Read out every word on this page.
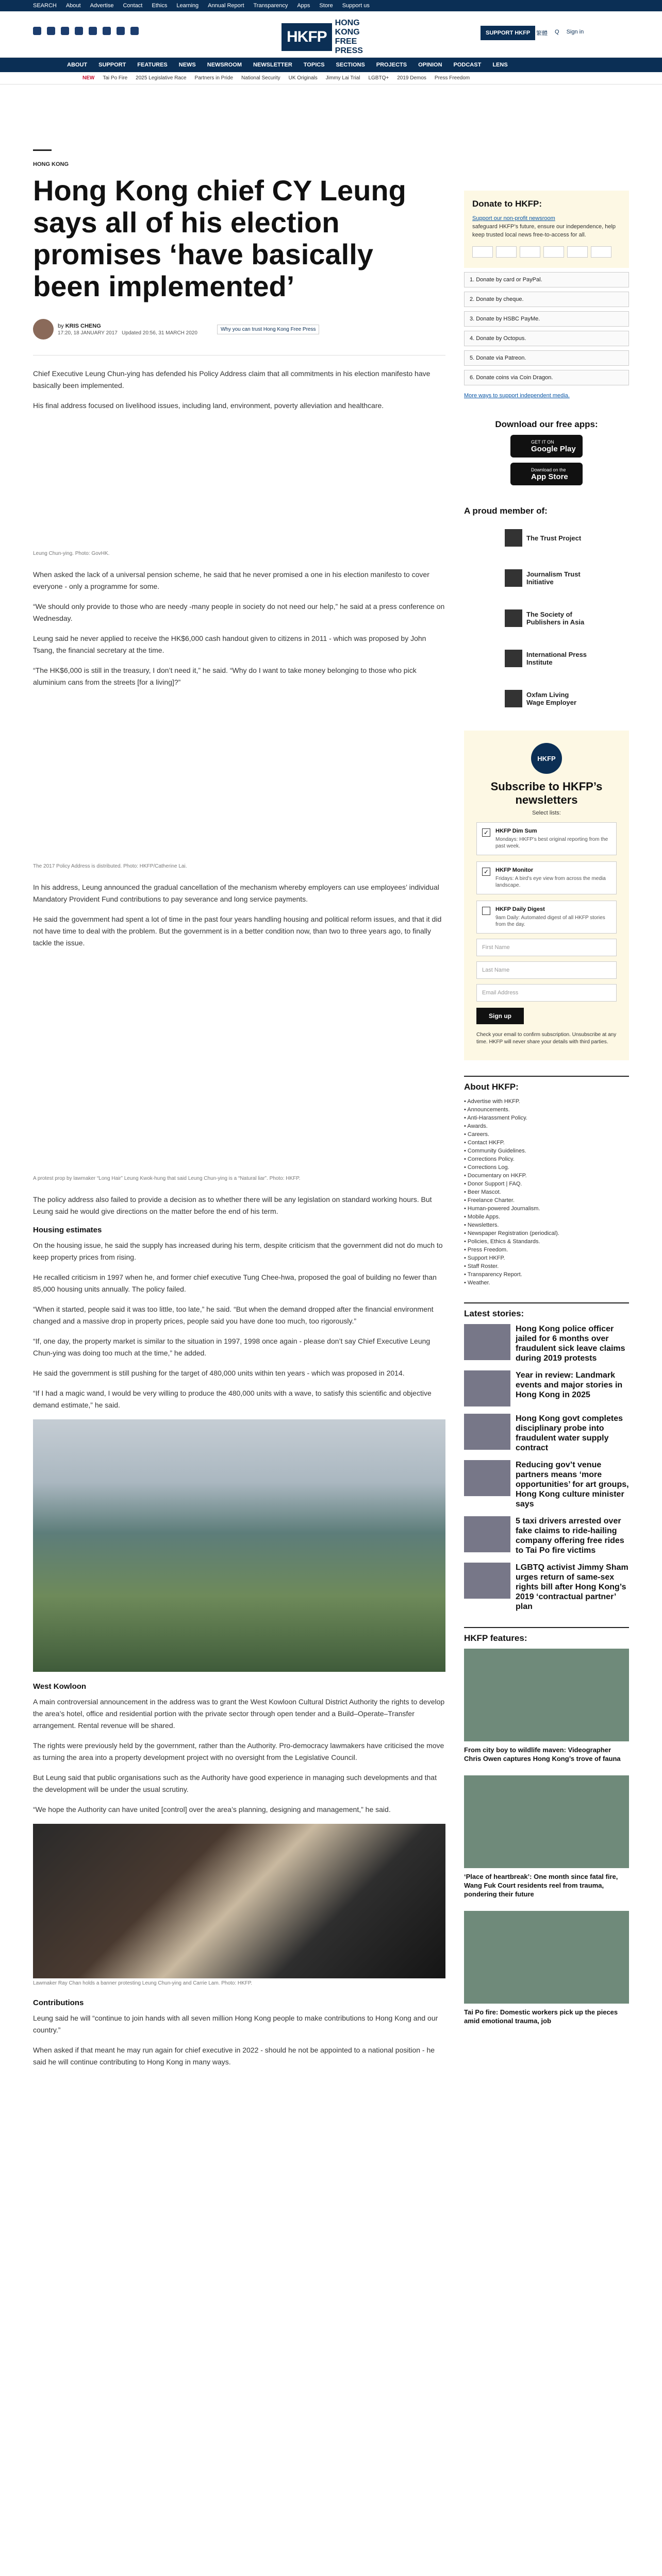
SEARCH About Advertise Contact Ethics Learning Annual Report Transparency Apps Store Support us
HKFP
HONG KONG FREE PRESS
SUPPORT HKFP	繁體 Q Sign in
ABOUT SUPPORT FEATURES NEWS NEWSROOM NEWSLETTER TOPICS SECTIONS PROJECTS OPINION PODCAST LENS
NEW Tai Po Fire 2025 Legislative Race Partners in Pride National Security UK Originals Jimmy Lai Trial LGBTQ+ 2019 Demos Press Freedom
HONG KONG
Hong Kong chief CY Leung says all of his election promises ‘have basically been implemented’
by KRIS CHENG
17:20, 18 JANUARY 2017 Updated 20:56, 31 MARCH 2020
Why you can trust Hong Kong Free Press

Chief Executive Leung Chun-ying has defended his Policy Address claim that all commitments in his election manifesto have basically been implemented.

His final address focused on livelihood issues, including land, environment, poverty alleviation and healthcare.

Leung Chun-ying. Photo: GovHK.

When asked the lack of a universal pension scheme, he said that he never promised a one in his election manifesto to cover everyone - only a programme for some.

“We should only provide to those who are needy -many people in society do not need our help,” he said at a press conference on Wednesday.

Leung said he never applied to receive the HK$6,000 cash handout given to citizens in 2011 - which was proposed by John Tsang, the financial secretary at the time.

“The HK$6,000 is still in the treasury, I don’t need it,” he said. “Why do I want to take money belonging to those who pick aluminium cans from the streets [for a living]?”

The 2017 Policy Address is distributed. Photo: HKFP/Catherine Lai.

In his address, Leung announced the gradual cancellation of the mechanism whereby employers can use employees’ individual Mandatory Provident Fund contributions to pay severance and long service payments.

He said the government had spent a lot of time in the past four years handling housing and political reform issues, and that it did not have time to deal with the problem. But the government is in a better condition now, than two to three years ago, to finally tackle the issue.

A protest prop by lawmaker “Long Hair” Leung Kwok-hung that said Leung Chun-ying is a “Natural liar”. Photo: HKFP.

The policy address also failed to provide a decision as to whether there will be any legislation on standard working hours. But Leung said he would give directions on the matter before the end of his term.

Housing estimates

On the housing issue, he said the supply has increased during his term, despite criticism that the government did not do much to keep property prices from rising.

He recalled criticism in 1997 when he, and former chief executive Tung Chee-hwa, proposed the goal of building no fewer than 85,000 housing units annually. The policy failed.

“When it started, people said it was too little, too late,” he said. “But when the demand dropped after the financial environment changed and a massive drop in property prices, people said you have done too much, too rigorously.”

“If, one day, the property market is similar to the situation in 1997, 1998 once again - please don’t say Chief Executive Leung Chun-ying was doing too much at the time,” he added.

He said the government is still pushing for the target of 480,000 units within ten years - which was proposed in 2014.

“If I had a magic wand, I would be very willing to produce the 480,000 units with a wave, to satisfy this scientific and objective demand estimate,” he said.

West Kowloon

A main controversial announcement in the address was to grant the West Kowloon Cultural District Authority the rights to develop the area’s hotel, office and residential portion with the private sector through open tender and a Build–Operate–Transfer arrangement. Rental revenue will be shared.

The rights were previously held by the government, rather than the Authority. Pro-democracy lawmakers have criticised the move as turning the area into a property development project with no oversight from the Legislative Council.

But Leung said that public organisations such as the Authority have good experience in managing such developments and that the development will be under the usual scrutiny.

“We hope the Authority can have united [control] over the area’s planning, designing and management,” he said.

Lawmaker Ray Chan holds a banner protesting Leung Chun-ying and Carrie Lam. Photo: HKFP.
Contributions

Leung said he will “continue to join hands with all seven million Hong Kong people to make contributions to Hong Kong and our country.”

When asked if that meant he may run again for chief executive in 2022 - should he not be appointed to a national position - he said he will continue contributing to Hong Kong in many ways.

Donate to HKFP:

Support our non-profit newsroom

safeguard HKFP’s future, ensure our independence, help keep trusted local news free-to-access for all.

1. Donate by card or PayPal.
2. Donate by cheque.
3. Donate by HSBC PayMe.
4. Donate by Octopus.
5. Donate via Patreon.
6. Donate coins via Coin Dragon.
More ways to support independent media.
Download our free apps:
GET IT ON
Google Play
Download on the
App Store
A proud member of:
The Trust Project
Journalism Trust Initiative
The Society of Publishers in Asia
International Press Institute
Oxfam Living Wage Employer
HKFP
Subscribe to HKFP’s newsletters
Select lists:
✓ HKFP Dim Sum
Mondays: HKFP’s best original reporting from the past week.
✓ HKFP Monitor
Fridays: A bird’s eye view from across the media landscape.
HKFP Daily Digest
9am Daily: Automated digest of all HKFP stories from the day.
First Name
Last Name
Email Address
Sign up
Check your email to confirm subscription. Unsubscribe at any time. HKFP will never share your details with third parties.
About HKFP:
• Advertise with HKFP.
• Announcements.
• Anti-Harassment Policy.
• Awards.
• Careers.
• Contact HKFP.
• Community Guidelines.
• Corrections Policy.
• Corrections Log.
• Documentary on HKFP.
• Donor Support | FAQ.
• Beer Mascot.
• Freelance Charter.
• Human-powered Journalism.
• Mobile Apps.
• Newsletters.
• Newspaper Registration (periodical).
• Policies, Ethics & Standards.
• Press Freedom.
• Support HKFP.
• Staff Roster.
• Transparency Report.
• Weather.
Latest stories:
Hong Kong police officer jailed for 6 months over fraudulent sick leave claims during 2019 protests
Year in review: Landmark events and major stories in Hong Kong in 2025
Hong Kong govt completes disciplinary probe into fraudulent water supply contract
Reducing gov’t venue partners means ‘more opportunities’ for art groups, Hong Kong culture minister says
5 taxi drivers arrested over fake claims to ride-hailing company offering free rides to Tai Po fire victims
LGBTQ activist Jimmy Sham urges return of same-sex rights bill after Hong Kong’s 2019 ‘contractual partner’ plan
HKFP features:
From city boy to wildlife maven: Videographer Chris Owen captures Hong Kong’s trove of fauna
‘Place of heartbreak’: One month since fatal fire, Wang Fuk Court residents reel from trauma, pondering their future
Tai Po fire: Domestic workers pick up the pieces amid emotional trauma, job
